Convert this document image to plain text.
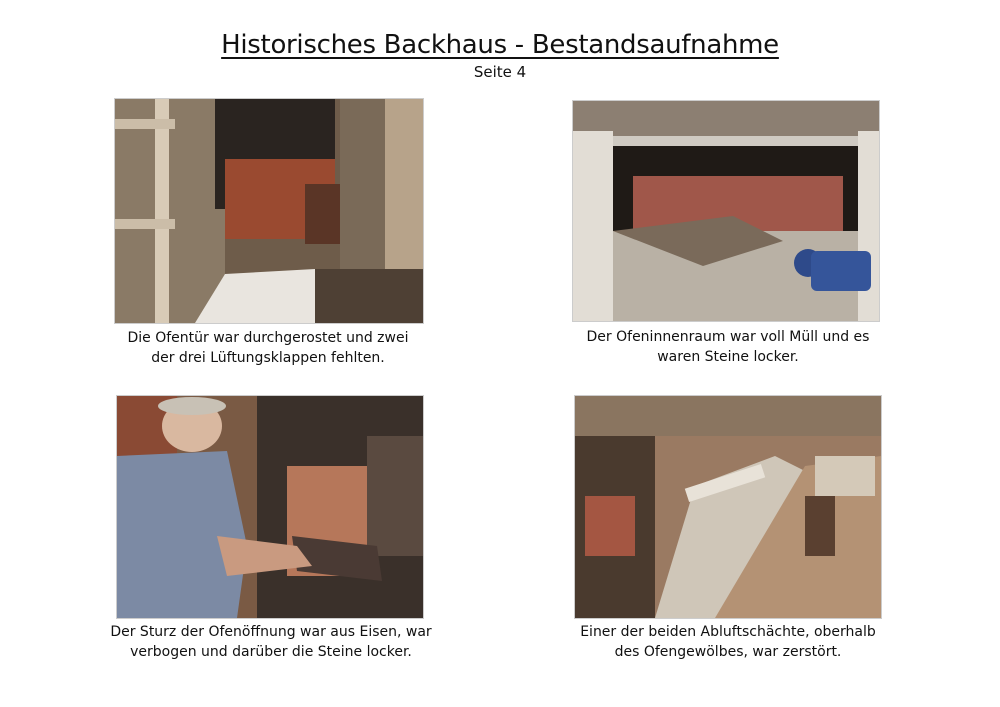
Historisches Backhaus - Bestandsaufnahme
Seite 4
Die Ofentür war durchgerostet und zwei
der drei Lüftungsklappen fehlten.
Der Ofeninnenraum war voll Müll und es
waren Steine locker.
Der Sturz der Ofenöffnung war aus Eisen, war
verbogen und darüber die Steine locker.
Einer der beiden Abluftschächte, oberhalb
des Ofengewölbes, war zerstört.
